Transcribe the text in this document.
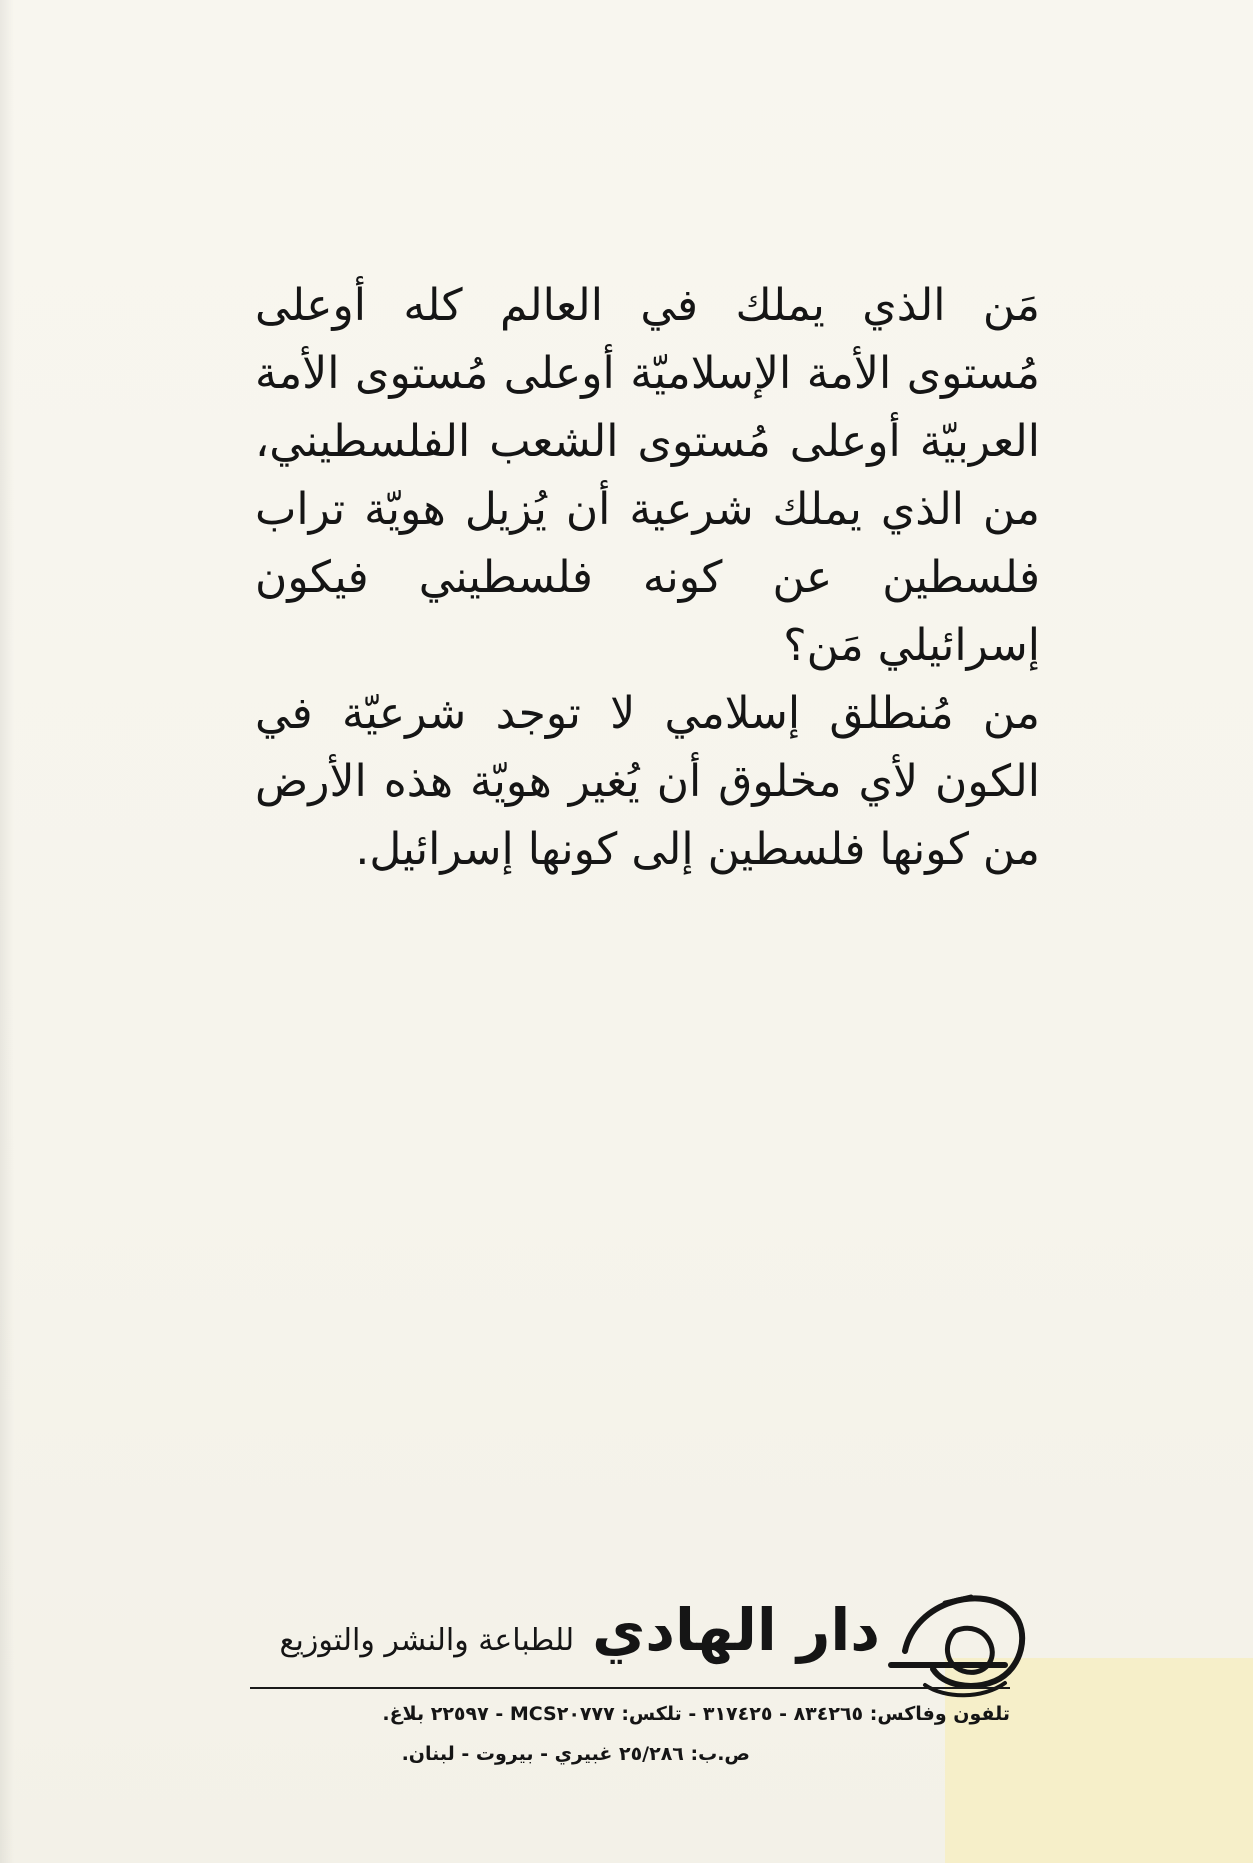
مَن الذي يملك في العالم كله أوعلى مُستوى الأمة الإسلاميّة أوعلى مُستوى الأمة العربيّة أوعلى مُستوى الشعب الفلسطيني، من الذي يملك شرعية أن يُزيل هويّة تراب فلسطين عن كونه فلسطيني فيكون إسرائيلي مَن؟

من مُنطلق إسلامي لا توجد شرعيّة في الكون لأي مخلوق أن يُغير هويّة هذه الأرض من كونها فلسطين إلى كونها إسرائيل.

دار الهادي
للطباعة والنشر والتوزيع
تلفون وفاكس: ٨٣٤٢٦٥ - ٣١٧٤٢٥ - تلكس: MCS٢٠٧٧٧ - ٢٢٥٩٧ بلاغ.
ص.ب: ٢٥/٢٨٦ غبيري - بيروت - لبنان.
